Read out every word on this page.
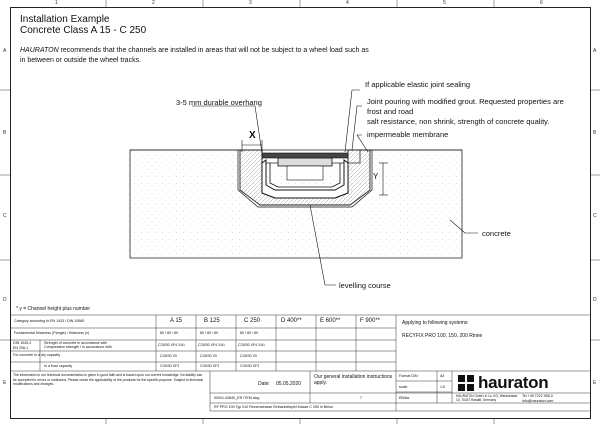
1	2	3	4	5	6
A
B
C
D
E
A
B
C
D
E
Installation Example
Concrete Class A 15 - C 250
HAURATON recommends that the channels are installed in areas that will not be subject to a wheel load such as
in between or outside the wheel tracks.
3-5 mm durable overhang
X
Y
If applicable elastic joint sealing
Joint pouring with modified grout. Requested properties are
frost and road
salt resistance, non shrink, strength of concrete quality.
impermeable membrane
concrete
levelling course
* y = Channel height plus number
Category according to EN 1433 / DIN 19580	A 15	B 125	C 250	D 400**	E 600**	F 900**
Fundamental thickness (Fsingle) / thickness (x)	80 / 80 / 80	80 / 80 / 80	80 / 80 / 80
DIN 1045-2
EN 206-1
Strength of concrete in accordance with
Compressive strength / in accordance with	C25/30 XF4 XA1	C25/30 XF4 XA1	C25/30 XF4 XA1
For concrete in a dry capacity	C25/30 X0	C25/30 X0	C25/30 X0
In a frost capacity	C25/30 XF3	C25/30 XF3	C25/30 XF3
Applying to following systems:
RECYFIX PRO 100, 150, 200 Rinne
The information in our technical documentation is given in good faith and is based upon our current knowledge. No liability can be accepted for errors or omissions. Please check the applicability of the products for the specific purpose. Subject to technical modifications and changes.	Date: 05.05.2020
Our general installation instructions apply.
Format DIN	A4
scale	1:5
00001-02840_ER ITEM.dwg	7	EB/bw
RF PRO 100 Typ 010 Rinnenstrasse Einbaubeispiel Klasse C 250 in Beton
hauraton
HAURATON GmbH & Co. KG, Werkstrasse 13, 76437 Rastatt, Germany
Tel +49 7222 958-0
info@hauraton.com
